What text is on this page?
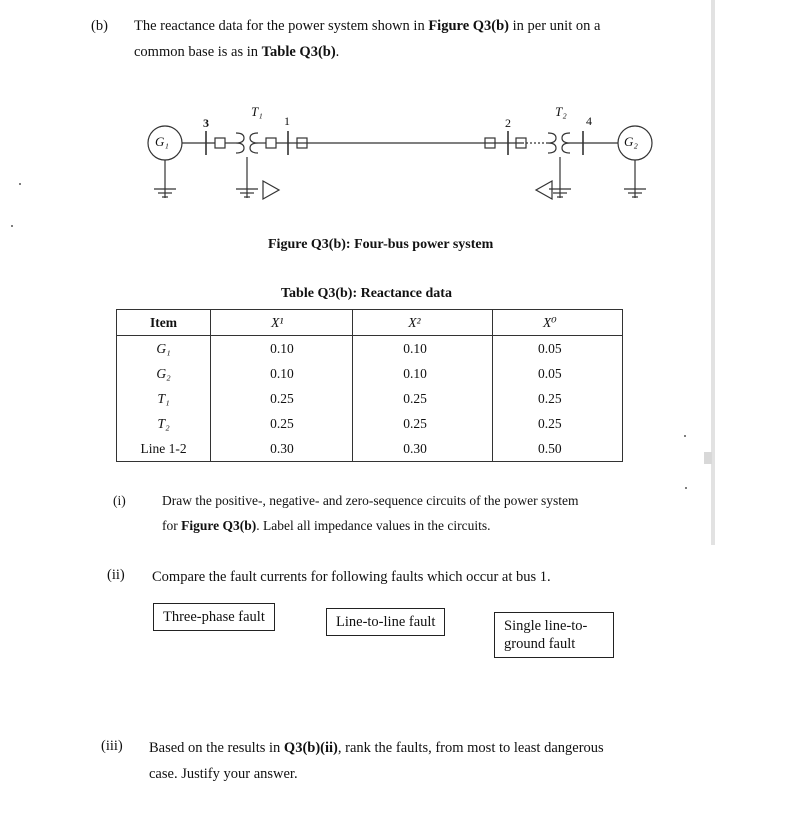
(b) The reactance data for the power system shown in Figure Q3(b) in per unit on a
common base is as in Table Q3(b).
G₁	G₂
T₁	T₂
3	1	2	4
Figure Q3(b): Four-bus power system
Table Q3(b): Reactance data
Item	X¹	X²	X⁰
G₁	0.10	0.10	0.05
G₂	0.10	0.10	0.05
T₁	0.25	0.25	0.25
T₂	0.25	0.25	0.25
Line 1-2	0.30	0.30	0.50
(i)	Draw the positive-, negative- and zero-sequence circuits of the power system
for Figure Q3(b). Label all impedance values in the circuits.
(ii) Compare the fault currents for following faults which occur at bus 1.
Three-phase fault	Line-to-line fault	Single line-to-
ground fault
(iii) Based on the results in Q3(b)(ii), rank the faults, from most to least dangerous
case. Justify your answer.
